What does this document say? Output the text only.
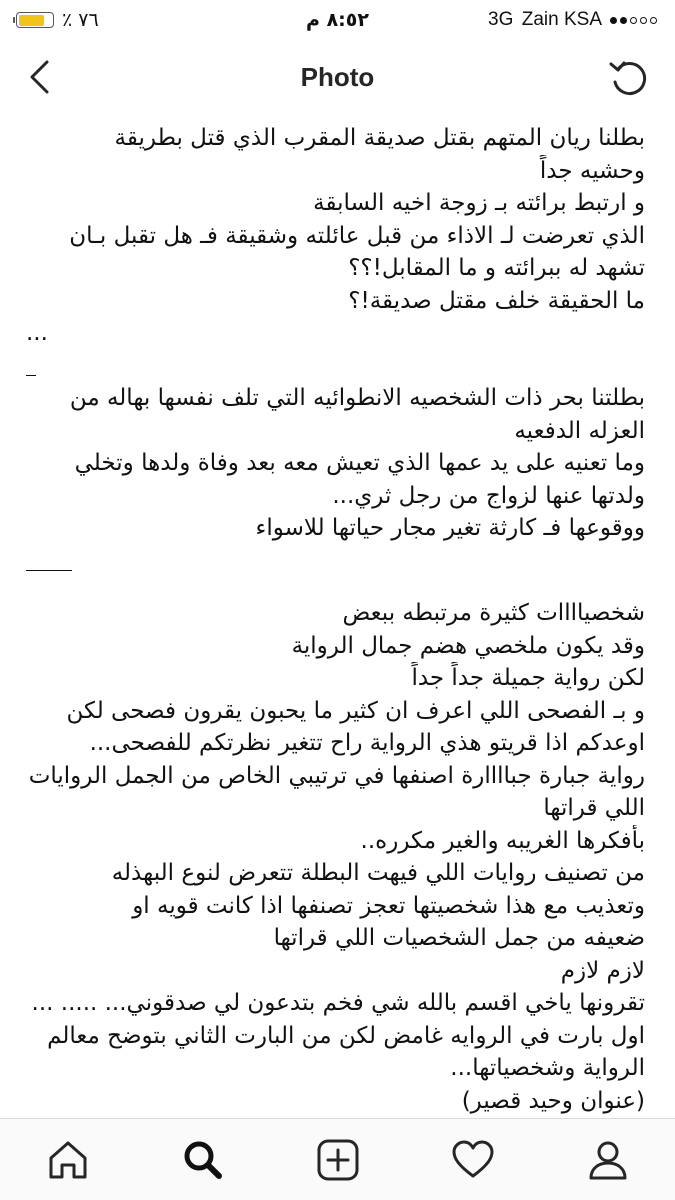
٪ ٧٦	٨:٥٢ م	3G Zain KSA
Photo
بطلنا ريان المتهم بقتل صديقة المقرب الذي قتل بطريقة
وحشيه جداً
و ارتبط برائته بـ زوجة اخيه السابقة
الذي تعرضت لـ الاذاء من قبل عائلته وشقيقة فـ هل تقبل بـان
تشهد له ببرائته و ما المقابل!؟؟
ما الحقيقة خلف مقتل صديقة!؟
...
بطلتنا بحر ذات الشخصيه الانطوائيه التي تلف نفسها بهاله من
العزله الدفعيه
وما تعنيه على يد عمها الذي تعيش معه بعد وفاة ولدها وتخلي
ولدتها عنها لزواج من رجل ثري...
ووقوعها فـ كارثة تغير مجار حياتها للاسواء
شخصياااات كثيرة مرتبطه ببعض
وقد يكون ملخصي هضم جمال الرواية
لكن رواية جميلة جداً جداً
و بـ الفصحى اللي اعرف ان كثير ما يحبون يقرون فصحى لكن
اوعدكم اذا قريتو هذي الرواية راح تتغير نظرتكم للفصحى...
رواية جبارة جباااارة اصنفها في ترتيبي الخاص من الجمل الروايات
اللي قراتها
بأفكرها الغريبه والغير مكرره..
من تصنيف روايات اللي فيهت البطلة تتعرض لنوع البهذله
وتعذيب مع هذا شخصيتها تعجز تصنفها اذا كانت قويه او
ضعيفه من جمل الشخصيات اللي قراتها
لازم لازم
تقرونها ياخي اقسم بالله شي فخم بتدعون لي صدقوني... ..... ...
اول بارت في الروايه غامض لكن من البارت الثاني بتوضح معالم
الرواية وشخصياتها...
(عنوان وحيد قصير)
